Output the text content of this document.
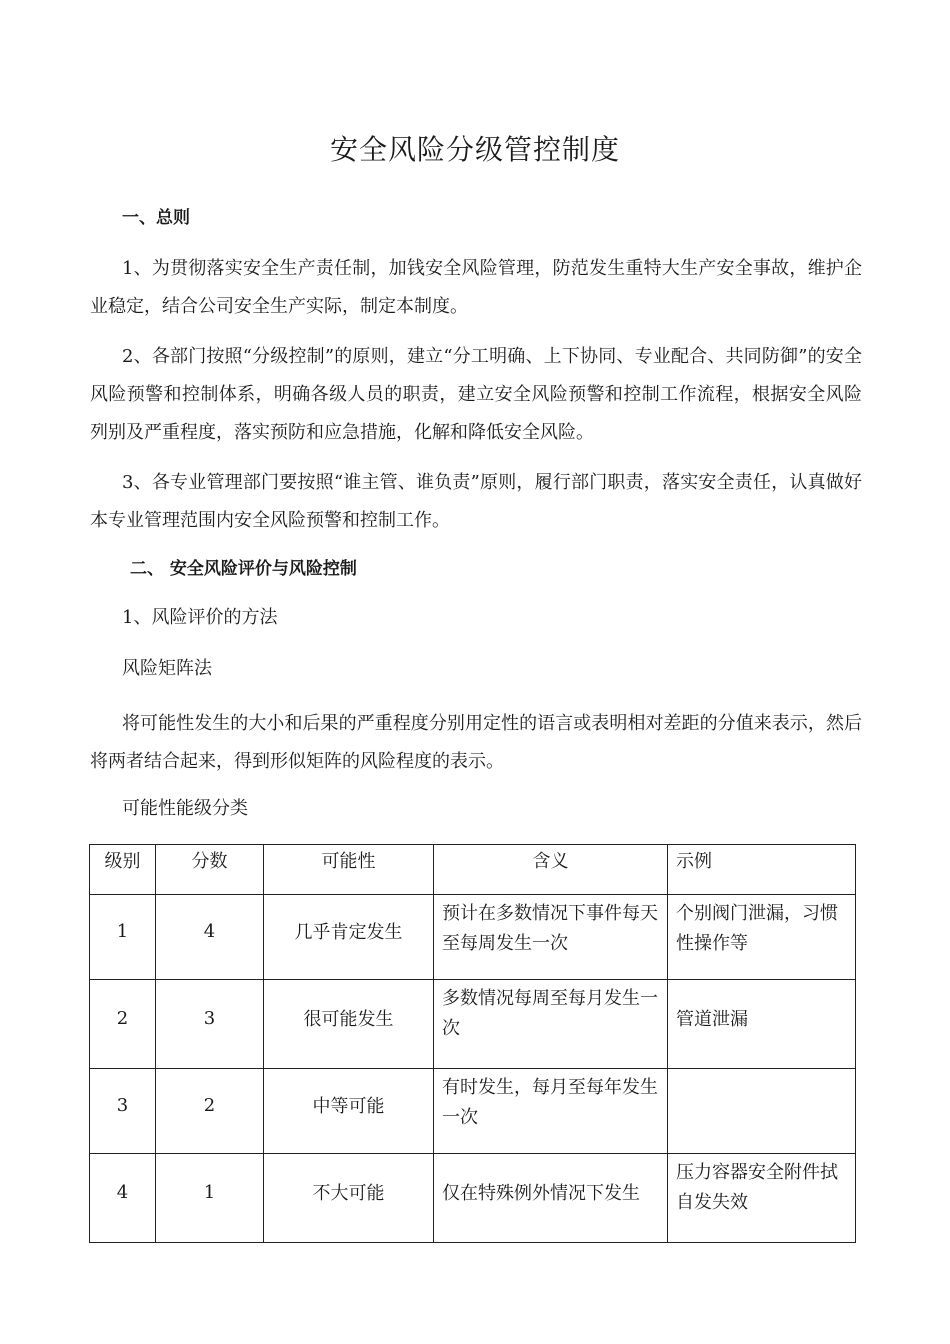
安全风险分级管控制度
一、总则

1、为贯彻落实安全生产责任制，加钱安全风险管理，防范发生重特大生产安全事故，维护企业稳定，结合公司安全生产实际，制定本制度。

2、各部门按照“分级控制”的原则，建立“分工明确、上下协同、专业配合、共同防御”的安全风险预警和控制体系，明确各级人员的职责，建立安全风险预警和控制工作流程，根据安全风险列别及严重程度，落实预防和应急措施，化解和降低安全风险。

3、各专业管理部门要按照“谁主管、谁负责”原则，履行部门职责，落实安全责任，认真做好本专业管理范围内安全风险预警和控制工作。

二、 安全风险评价与风险控制
1、风险评价的方法
风险矩阵法

将可能性发生的大小和后果的严重程度分别用定性的语言或表明相对差距的分值来表示，然后将两者结合起来，得到形似矩阵的风险程度的表示。

可能性能级分类
级别	分数	可能性	含义	示例
1	4	几乎肯定发生	预计在多数情况下事件每天至每周发生一次	个别阀门泄漏，习惯性操作等
2	3	很可能发生	多数情况每周至每月发生一次	管道泄漏
3	2	中等可能	有时发生，每月至每年发生一次	
4	1	不大可能	仅在特殊例外情况下发生	压力容器安全附件拭自发失效
